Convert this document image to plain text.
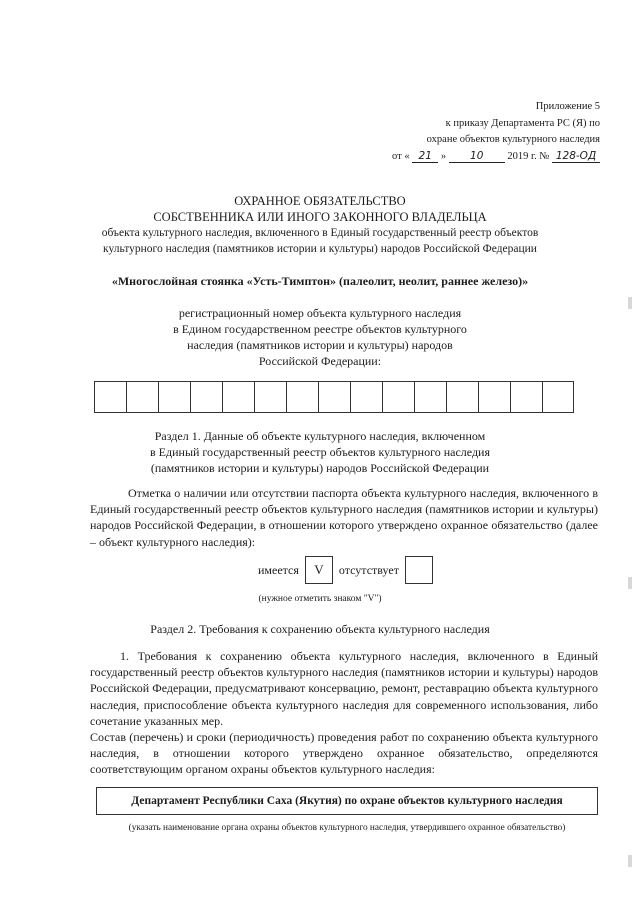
Приложение 5
к приказу Департамента РС (Я) по
охране объектов культурного наследия
от « 21 » 10 2019 г. № 128-ОД
ОХРАННОЕ ОБЯЗАТЕЛЬСТВО
СОБСТВЕННИКА ИЛИ ИНОГО ЗАКОННОГО ВЛАДЕЛЬЦА
объекта культурного наследия, включенного в Единый государственный реестр объектов
культурного наследия (памятников истории и культуры) народов Российской Федерации
«Многослойная стоянка «Усть-Тимптон» (палеолит, неолит, раннее железо)»
регистрационный номер объекта культурного наследия
в Едином государственном реестре объектов культурного
наследия (памятников истории и культуры) народов
Российской Федерации:
Раздел 1. Данные об объекте культурного наследия, включенном
в Единый государственный реестр объектов культурного наследия
(памятников истории и культуры) народов Российской Федерации
Отметка о наличии или отсутствии паспорта объекта культурного наследия, включенного в Единый государственный реестр объектов культурного наследия (памятников истории и культуры) народов Российской Федерации, в отношении которого утверждено охранное обязательство (далее – объект культурного наследия):
имеется	V	отсутствует
(нужное отметить знаком "V")
Раздел 2. Требования к сохранению объекта культурного наследия
1. Требования к сохранению объекта культурного наследия, включенного в Единый государственный реестр объектов культурного наследия (памятников истории и культуры) народов Российской Федерации, предусматривают консервацию, ремонт, реставрацию объекта культурного наследия, приспособление объекта культурного наследия для современного использования, либо сочетание указанных мер.
Состав (перечень) и сроки (периодичность) проведения работ по сохранению объекта культурного наследия, в отношении которого утверждено охранное обязательство, определяются соответствующим органом охраны объектов культурного наследия:
Департамент Республики Саха (Якутия) по охране объектов культурного наследия
(указать наименование органа охраны объектов культурного наследия, утвердившего охранное обязательство)
